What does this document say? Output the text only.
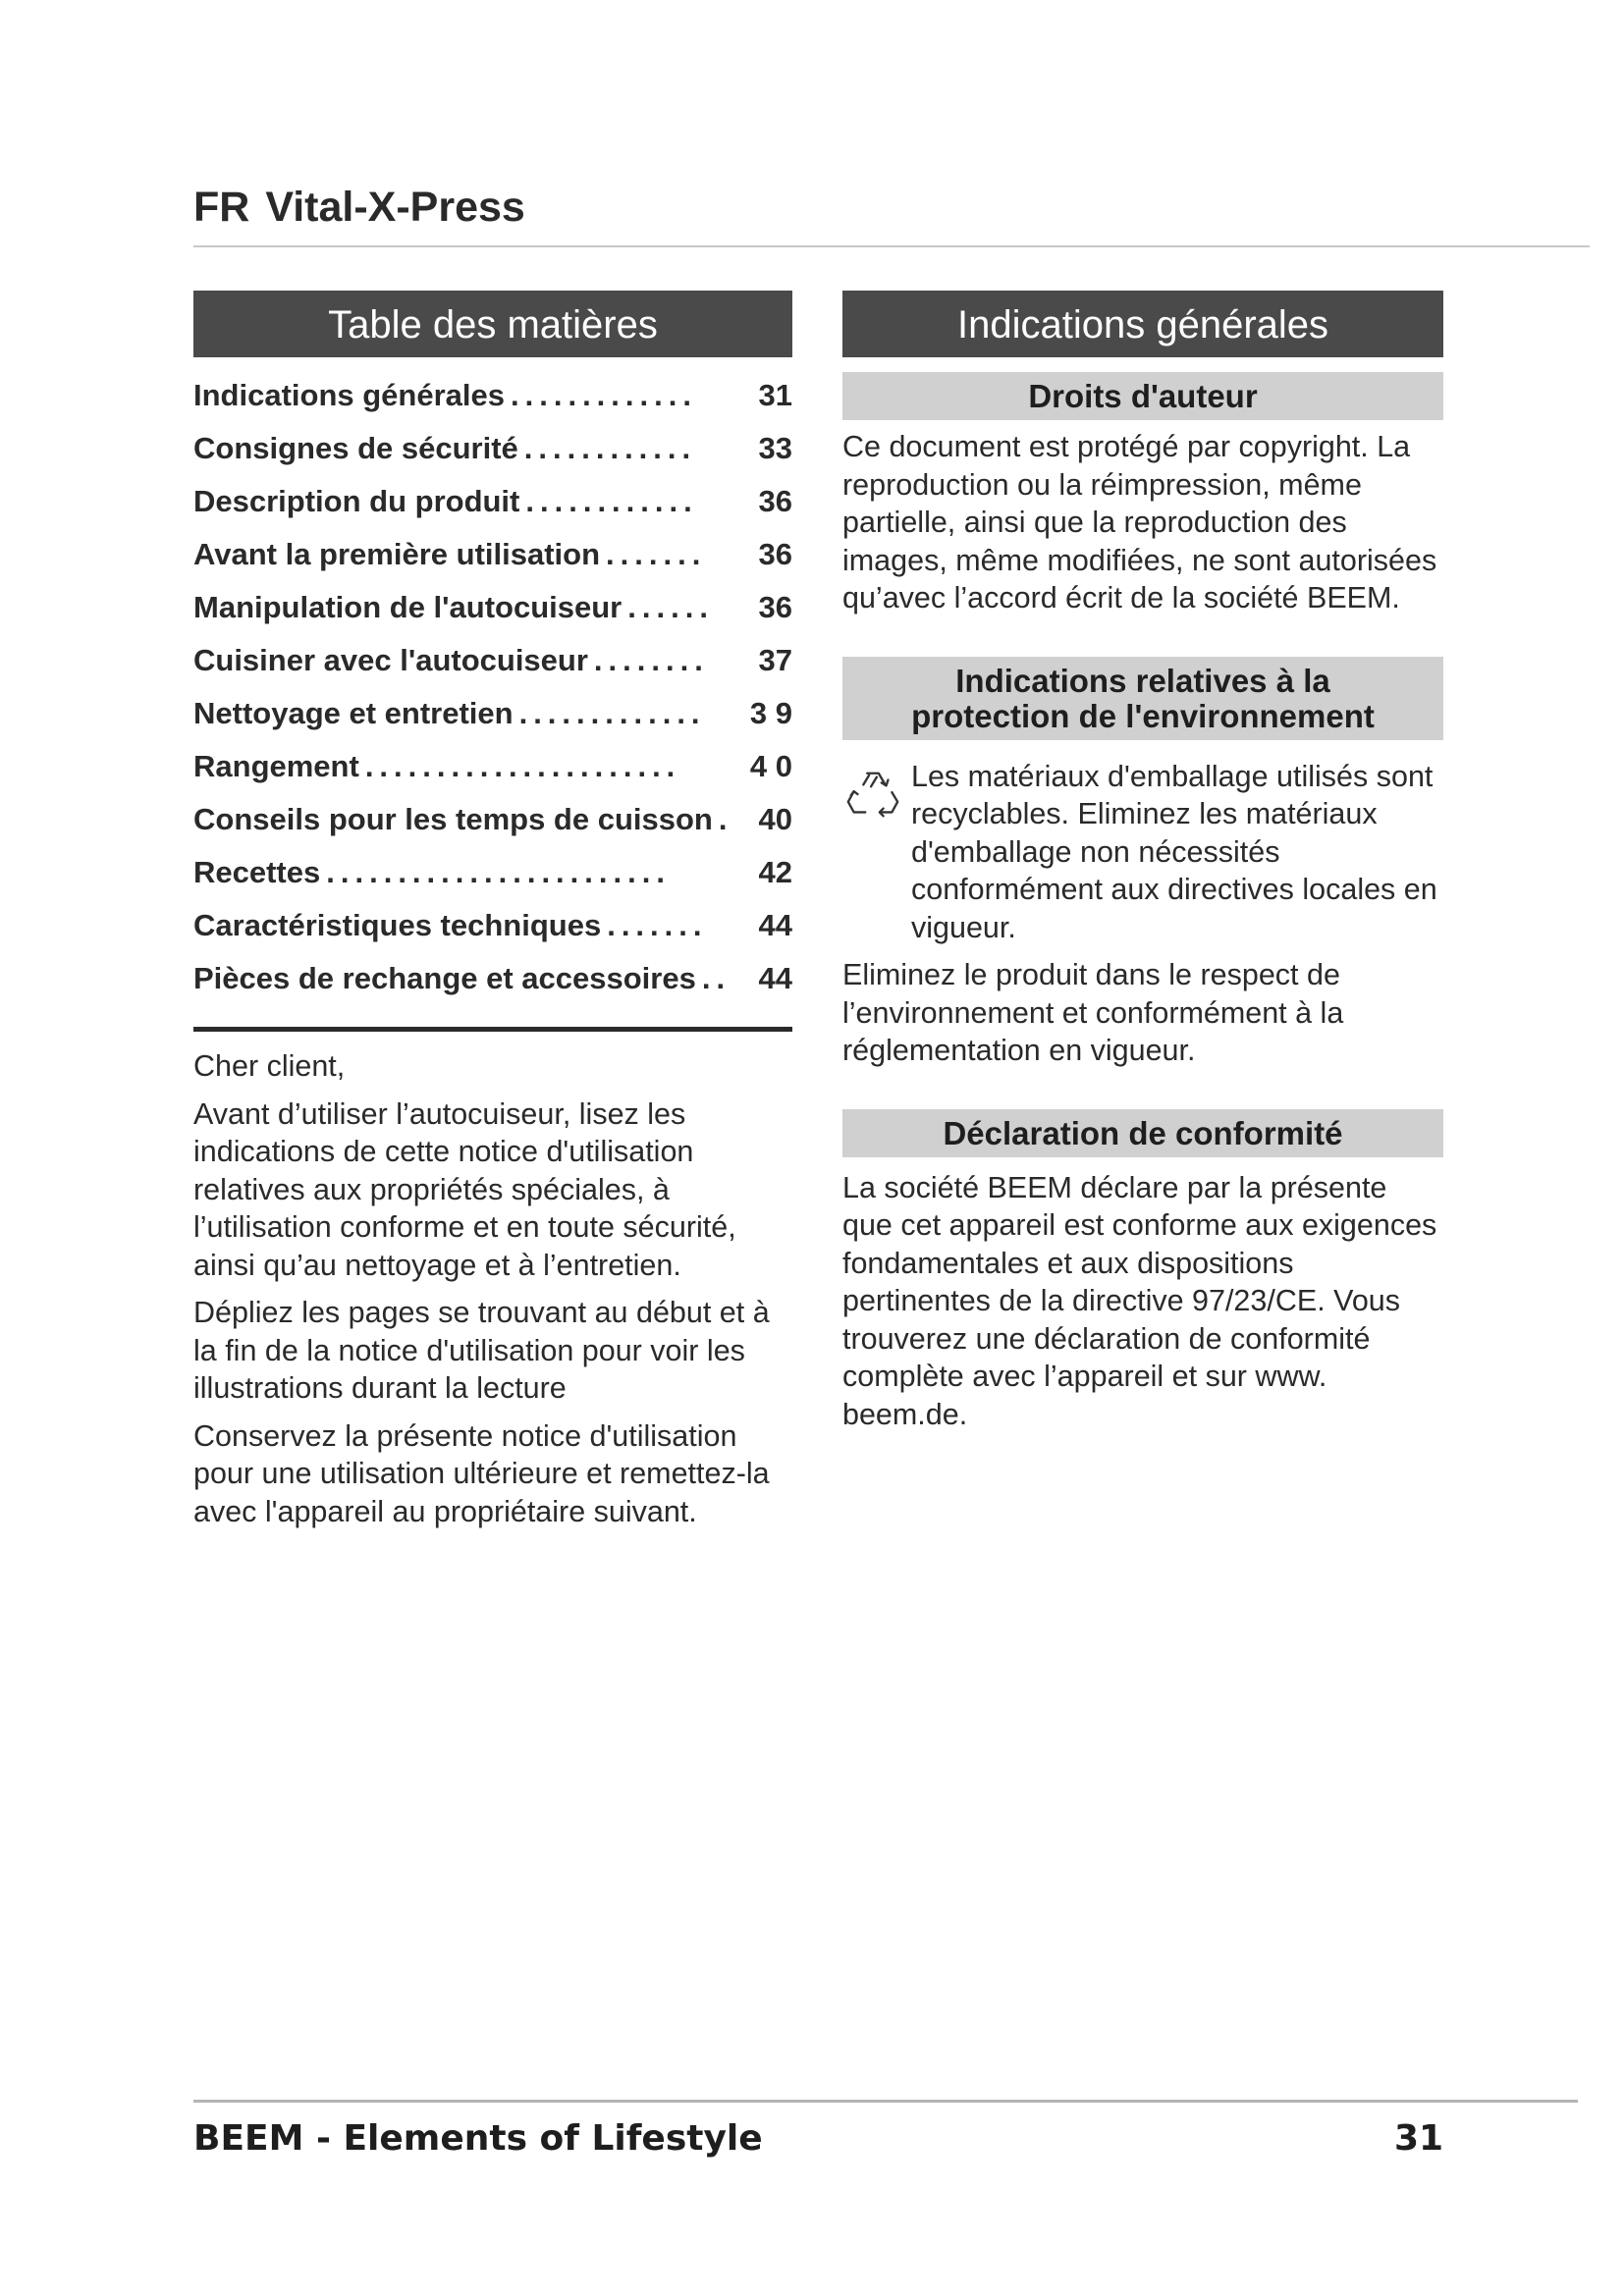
FR Vital-X-Press
Table des matières
Indications générales .............	31
Consignes de sécurité ............	33
Description du produit ............	36
Avant la première utilisation .......	36
Manipulation de l'autocuiseur ......	36
Cuisiner avec l'autocuiseur ........	37
Nettoyage et entretien .............	3 9
Rangement ......................	4 0
Conseils pour les temps de cuisson . 40
Recettes ........................	42
Caractéristiques techniques .......	44
Pièces de rechange et accessoires .. 44

Cher client,

Avant d’utiliser l’autocuiseur, lisez les indications de cette notice d'utilisation relatives aux propriétés spéciales, à l’utilisation conforme et en toute sécurité, ainsi qu’au nettoyage et à l’entretien.

Dépliez les pages se trouvant au début et à la fin de la notice d'utilisation pour voir les illustrations durant la lecture

Conservez la présente notice d'utilisation pour une utilisation ultérieure et remettez-la avec l'appareil au propriétaire suivant.

Indications générales
Droits d'auteur

Ce document est protégé par copyright. La reproduction ou la réimpression, même partielle, ainsi que la reproduction des images, même modifiées, ne sont autorisées qu’avec l’accord écrit de la société BEEM.

Indications relatives à la
protection de l'environnement

Les matériaux d'emballage utilisés sont recyclables. Eliminez les matériaux d'emballage non nécessités conformément aux directives locales en vigueur.

Eliminez le produit dans le respect de l’environnement et conformément à la réglementation en vigueur.

Déclaration de conformité

La société BEEM déclare par la présente que cet appareil est conforme aux exigences fondamentales et aux dispositions pertinentes de la directive 97/23/CE. Vous trouverez une déclaration de conformité complète avec l’appareil et sur www. beem.de.

BEEM - Elements of Lifestyle	31
